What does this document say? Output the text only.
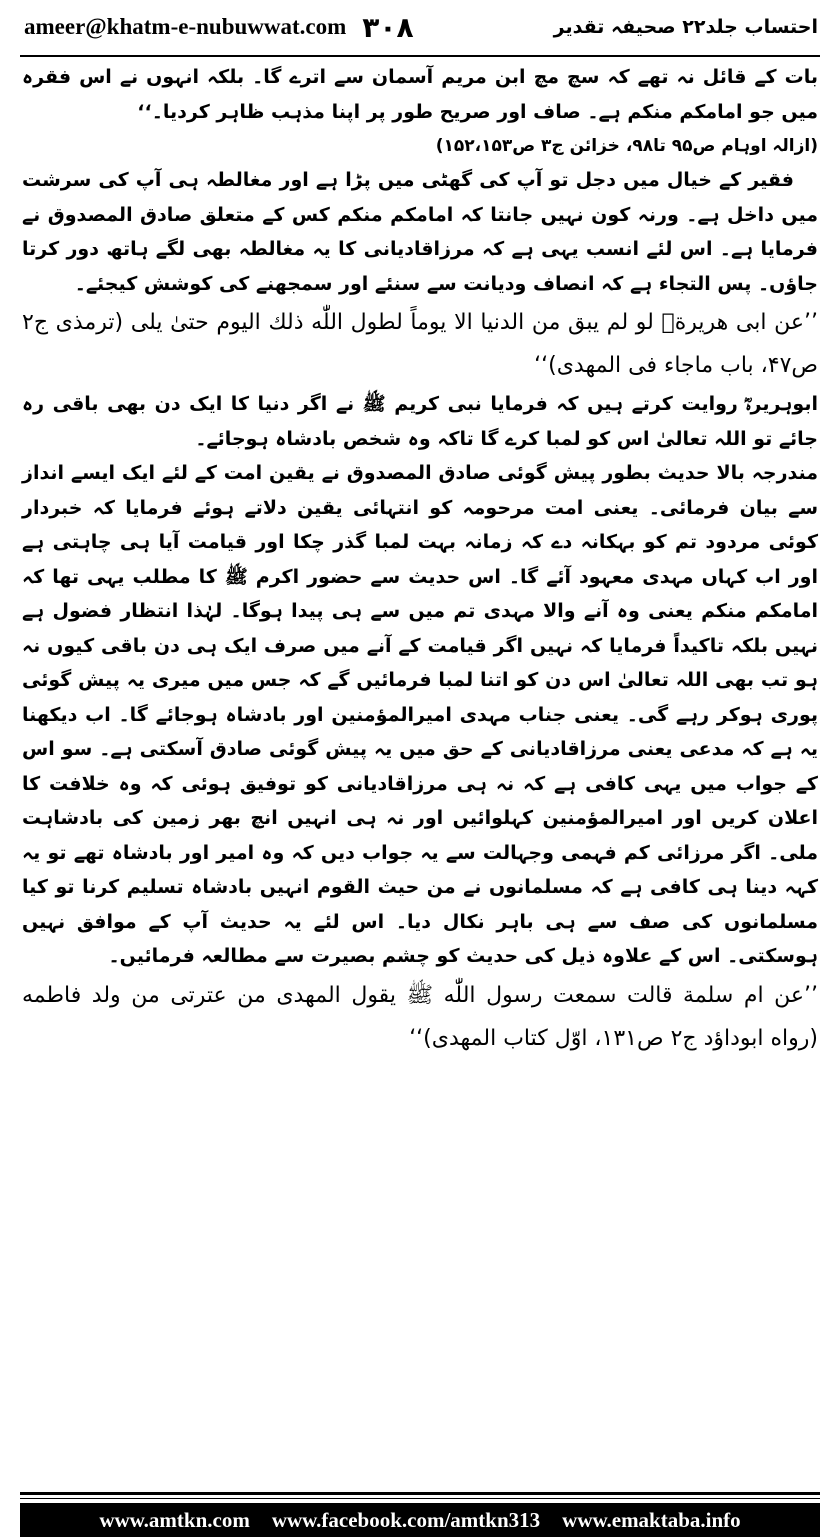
ameer@khatm-e-nubuwwat.com ۳۰۸	احتساب جلد۲۲ صحیفہ تقدیر

بات کے قائل نہ تھے کہ سچ مچ ابن مریم آسمان سے اترے گا۔ بلکہ انہوں نے اس فقرہ میں جو امامکم منکم ہے۔ صاف اور صریح طور پر اپنا مذہب ظاہر کردیا۔‘‘

(ازالہ اوہام ص۹۵ تا۹۸، خزائن ج۳ ص۱۵۲،۱۵۳)

فقیر کے خیال میں دجل تو آپ کی گھٹی میں پڑا ہے اور مغالطہ ہی آپ کی سرشت میں داخل ہے۔ ورنہ کون نہیں جانتا کہ امامکم منکم کس کے متعلق صادق المصدوق نے فرمایا ہے۔ اس لئے انسب یہی ہے کہ مرزاقادیانی کا یہ مغالطہ بھی لگے ہاتھ دور کرتا جاؤں۔ پس التجاء ہے کہ انصاف ودیانت سے سنئے اور سمجھنے کی کوشش کیجئے۔

’’عن ابی هریرةؓ لو لم یبق من الدنیا الا یوماً لطول اللّٰه ذلك الیوم حتیٰ یلی (ترمذی ج۲ ص۴۷، باب ماجاء فی المهدی)‘‘

ابوہریرہؓ روایت کرتے ہیں کہ فرمایا نبی کریم ﷺ نے اگر دنیا کا ایک دن بھی باقی رہ جائے تو اللہ تعالیٰ اس کو لمبا کرے گا تاکہ وہ شخص بادشاہ ہوجائے۔

مندرجہ بالا حدیث بطور پیش گوئی صادق المصدوق نے یقین امت کے لئے ایک ایسے انداز سے بیان فرمائی۔ یعنی امت مرحومہ کو انتہائی یقین دلاتے ہوئے فرمایا کہ خبردار کوئی مردود تم کو بہکانہ دے کہ زمانہ بہت لمبا گذر چکا اور قیامت آیا ہی چاہتی ہے اور اب کہاں مہدی معہود آئے گا۔ اس حدیث سے حضور اکرم ﷺ کا مطلب یہی تھا کہ امامکم منکم یعنی وہ آنے والا مہدی تم میں سے ہی پیدا ہوگا۔ لہٰذا انتظار فضول ہے نہیں بلکہ تاکیداً فرمایا کہ نہیں اگر قیامت کے آنے میں صرف ایک ہی دن باقی کیوں نہ ہو تب بھی اللہ تعالیٰ اس دن کو اتنا لمبا فرمائیں گے کہ جس میں میری یہ پیش گوئی پوری ہوکر رہے گی۔ یعنی جناب مہدی امیرالمؤمنین اور بادشاہ ہوجائے گا۔ اب دیکھنا یہ ہے کہ مدعی یعنی مرزاقادیانی کے حق میں یہ پیش گوئی صادق آسکتی ہے۔ سو اس کے جواب میں یہی کافی ہے کہ نہ ہی مرزاقادیانی کو توفیق ہوئی کہ وہ خلافت کا اعلان کریں اور امیرالمؤمنین کہلوائیں اور نہ ہی انہیں انچ بھر زمین کی بادشاہت ملی۔ اگر مرزائی کم فہمی وجہالت سے یہ جواب دیں کہ وہ امیر اور بادشاہ تھے تو یہ کہہ دینا ہی کافی ہے کہ مسلمانوں نے من حیث القوم انہیں بادشاہ تسلیم کرنا تو کیا مسلمانوں کی صف سے ہی باہر نکال دیا۔ اس لئے یہ حدیث آپ کے موافق نہیں ہوسکتی۔ اس کے علاوہ ذیل کی حدیث کو چشم بصیرت سے مطالعہ فرمائیں۔

’’عن ام سلمة قالت سمعت رسول اللّٰه ﷺ یقول المهدی من عترتی من ولد فاطمه (رواه ابوداؤد ج۲ ص۱۳۱، اوّل کتاب المهدی)‘‘

www.amtkn.com www.facebook.com/amtkn313 www.emaktaba.info
